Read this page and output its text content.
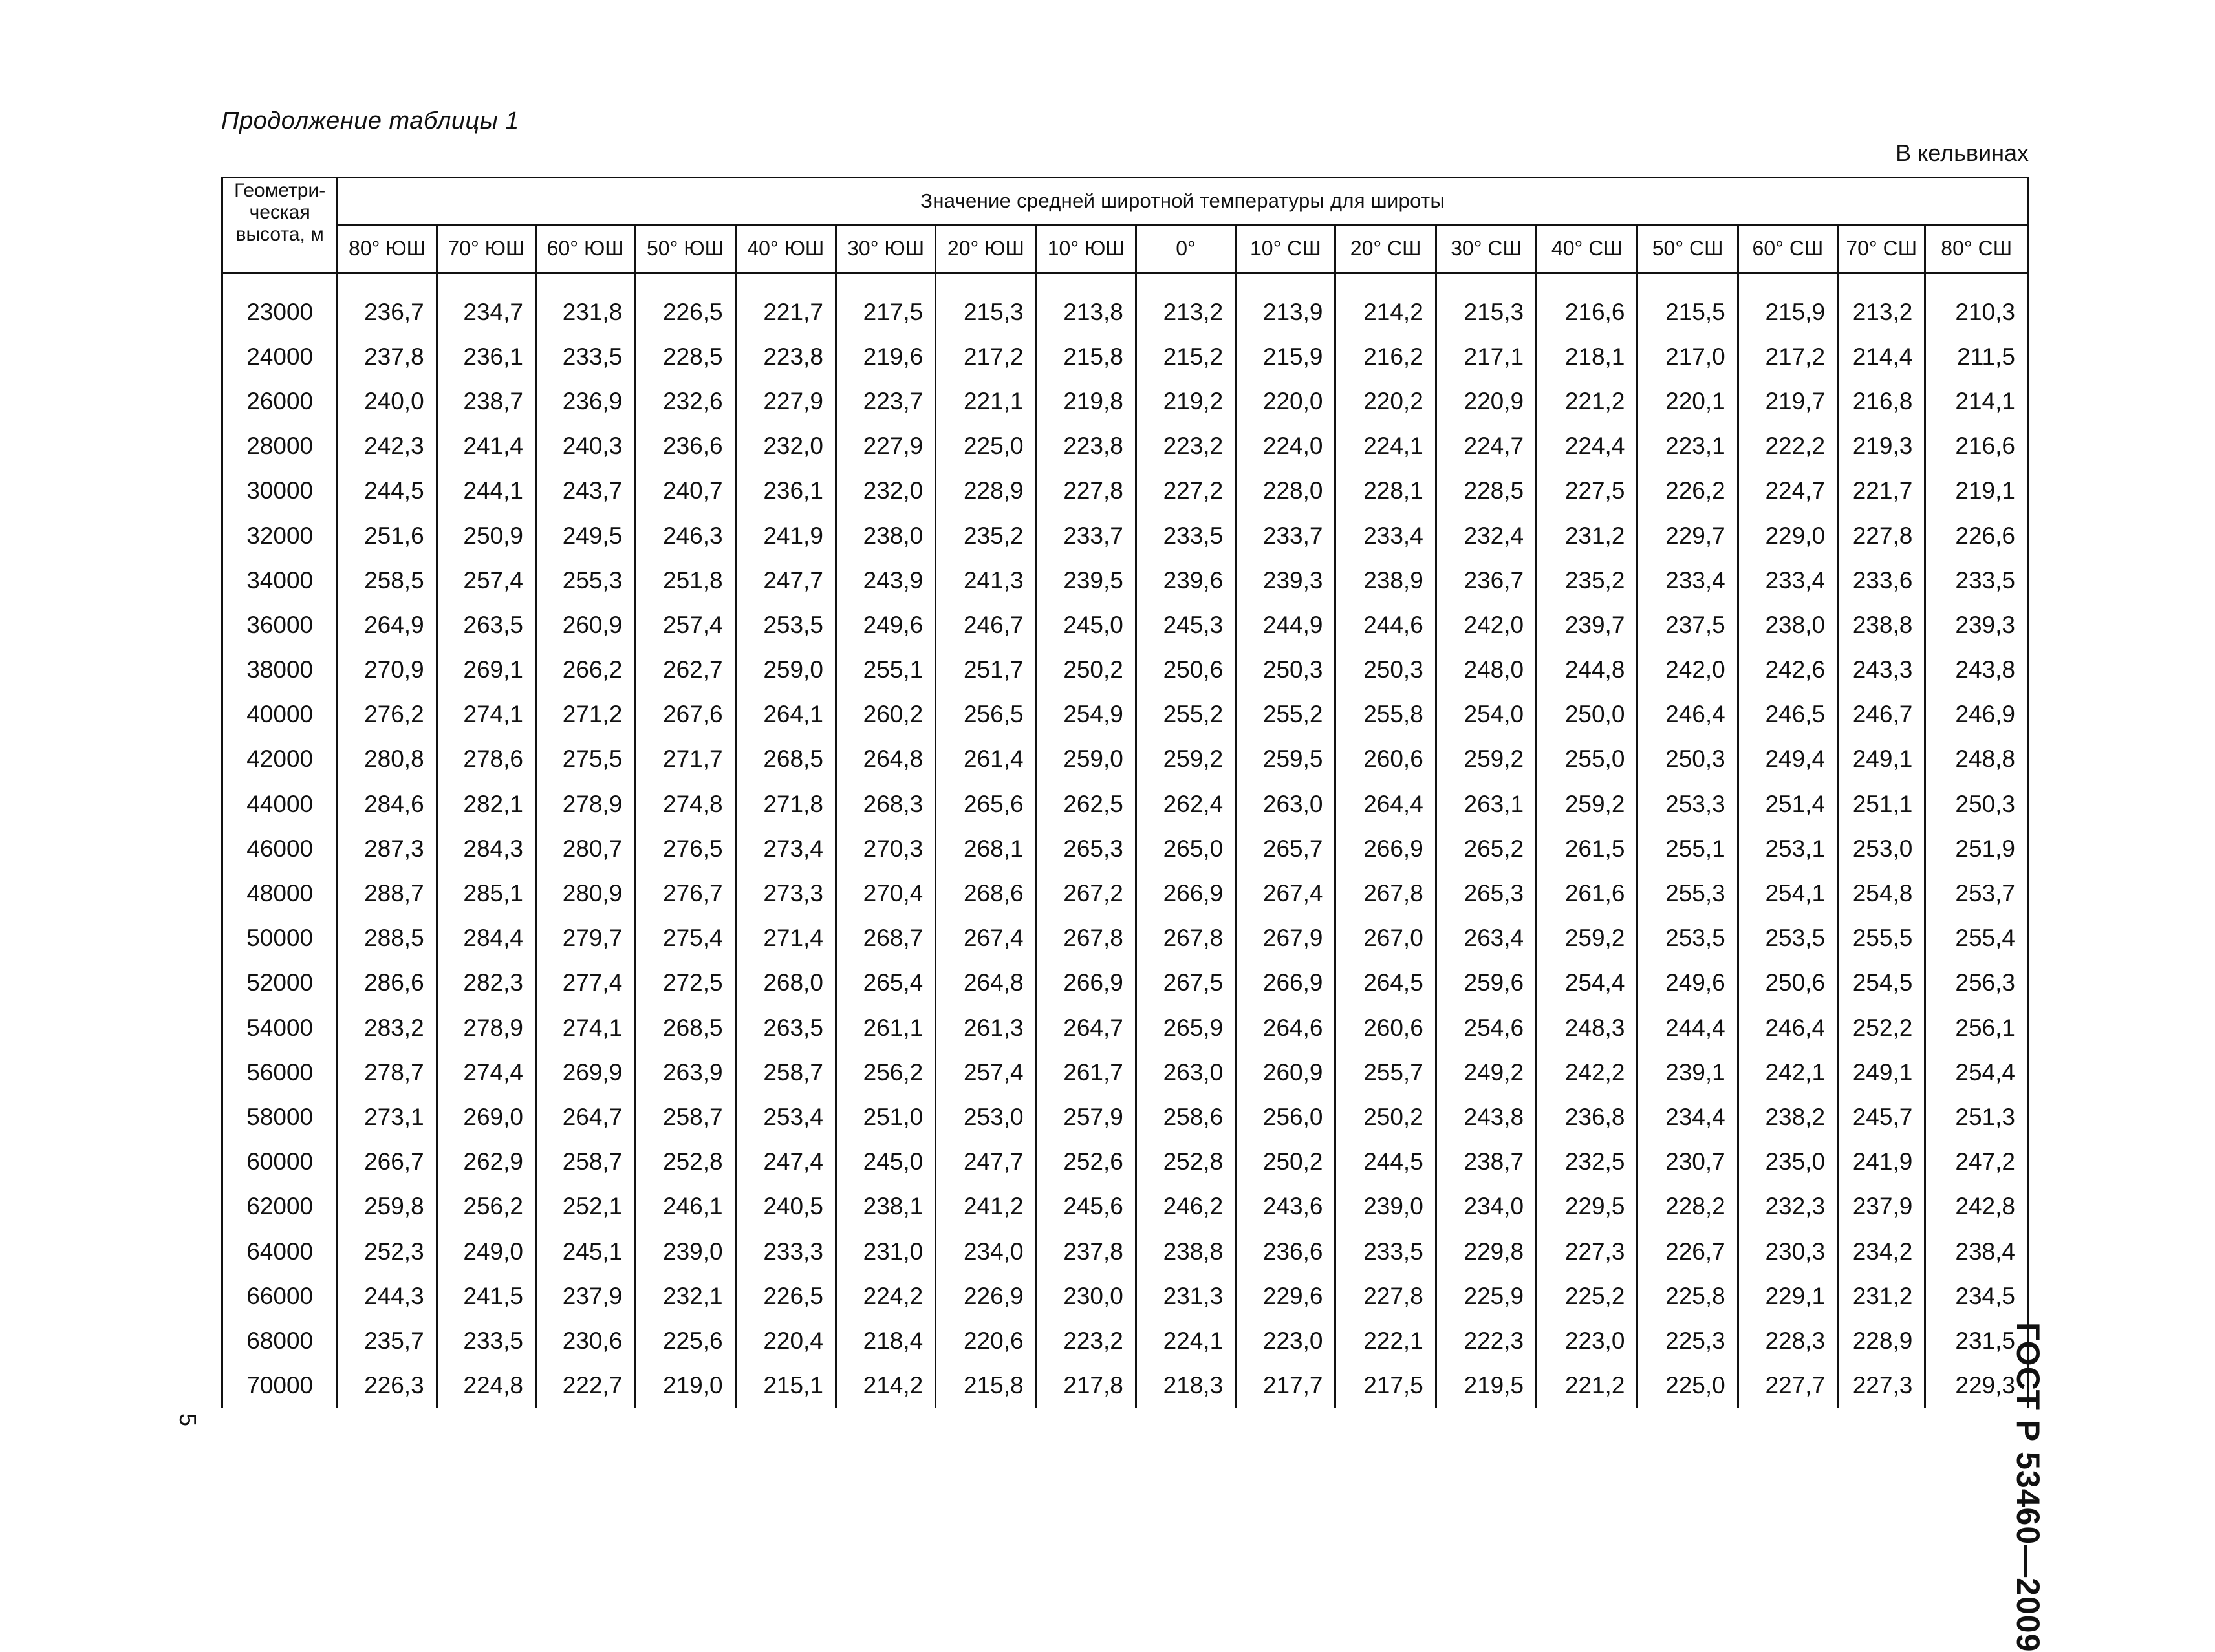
Продолжение таблицы 1
В кельвинах
Геометри-ческая высота, м	Значение средней широтной температуры для широты																
	80° ЮШ	70° ЮШ	60° ЮШ	50° ЮШ	40° ЮШ	30° ЮШ	20° ЮШ	10° ЮШ	0°	10° СШ	20° СШ	30° СШ	40° СШ	50° СШ	60° СШ	70° СШ	80° СШ

23000	236,7	234,7	231,8	226,5	221,7	217,5	215,3	213,8	213,2	213,9	214,2	215,3	216,6	215,5	215,9	213,2	210,3
24000	237,8	236,1	233,5	228,5	223,8	219,6	217,2	215,8	215,2	215,9	216,2	217,1	218,1	217,0	217,2	214,4	211,5
26000	240,0	238,7	236,9	232,6	227,9	223,7	221,1	219,8	219,2	220,0	220,2	220,9	221,2	220,1	219,7	216,8	214,1
28000	242,3	241,4	240,3	236,6	232,0	227,9	225,0	223,8	223,2	224,0	224,1	224,7	224,4	223,1	222,2	219,3	216,6
30000	244,5	244,1	243,7	240,7	236,1	232,0	228,9	227,8	227,2	228,0	228,1	228,5	227,5	226,2	224,7	221,7	219,1
32000	251,6	250,9	249,5	246,3	241,9	238,0	235,2	233,7	233,5	233,7	233,4	232,4	231,2	229,7	229,0	227,8	226,6
34000	258,5	257,4	255,3	251,8	247,7	243,9	241,3	239,5	239,6	239,3	238,9	236,7	235,2	233,4	233,4	233,6	233,5
36000	264,9	263,5	260,9	257,4	253,5	249,6	246,7	245,0	245,3	244,9	244,6	242,0	239,7	237,5	238,0	238,8	239,3
38000	270,9	269,1	266,2	262,7	259,0	255,1	251,7	250,2	250,6	250,3	250,3	248,0	244,8	242,0	242,6	243,3	243,8
40000	276,2	274,1	271,2	267,6	264,1	260,2	256,5	254,9	255,2	255,2	255,8	254,0	250,0	246,4	246,5	246,7	246,9
42000	280,8	278,6	275,5	271,7	268,5	264,8	261,4	259,0	259,2	259,5	260,6	259,2	255,0	250,3	249,4	249,1	248,8
44000	284,6	282,1	278,9	274,8	271,8	268,3	265,6	262,5	262,4	263,0	264,4	263,1	259,2	253,3	251,4	251,1	250,3
46000	287,3	284,3	280,7	276,5	273,4	270,3	268,1	265,3	265,0	265,7	266,9	265,2	261,5	255,1	253,1	253,0	251,9
48000	288,7	285,1	280,9	276,7	273,3	270,4	268,6	267,2	266,9	267,4	267,8	265,3	261,6	255,3	254,1	254,8	253,7
50000	288,5	284,4	279,7	275,4	271,4	268,7	267,4	267,8	267,8	267,9	267,0	263,4	259,2	253,5	253,5	255,5	255,4
52000	286,6	282,3	277,4	272,5	268,0	265,4	264,8	266,9	267,5	266,9	264,5	259,6	254,4	249,6	250,6	254,5	256,3
54000	283,2	278,9	274,1	268,5	263,5	261,1	261,3	264,7	265,9	264,6	260,6	254,6	248,3	244,4	246,4	252,2	256,1
56000	278,7	274,4	269,9	263,9	258,7	256,2	257,4	261,7	263,0	260,9	255,7	249,2	242,2	239,1	242,1	249,1	254,4
58000	273,1	269,0	264,7	258,7	253,4	251,0	253,0	257,9	258,6	256,0	250,2	243,8	236,8	234,4	238,2	245,7	251,3
60000	266,7	262,9	258,7	252,8	247,4	245,0	247,7	252,6	252,8	250,2	244,5	238,7	232,5	230,7	235,0	241,9	247,2
62000	259,8	256,2	252,1	246,1	240,5	238,1	241,2	245,6	246,2	243,6	239,0	234,0	229,5	228,2	232,3	237,9	242,8
64000	252,3	249,0	245,1	239,0	233,3	231,0	234,0	237,8	238,8	236,6	233,5	229,8	227,3	226,7	230,3	234,2	238,4
66000	244,3	241,5	237,9	232,1	226,5	224,2	226,9	230,0	231,3	229,6	227,8	225,9	225,2	225,8	229,1	231,2	234,5
68000	235,7	233,5	230,6	225,6	220,4	218,4	220,6	223,2	224,1	223,0	222,1	222,3	223,0	225,3	228,3	228,9	231,5
70000	226,3	224,8	222,7	219,0	215,1	214,2	215,8	217,8	218,3	217,7	217,5	219,5	221,2	225,0	227,7	227,3	229,3
5	ГОСТ Р 53460—2009
